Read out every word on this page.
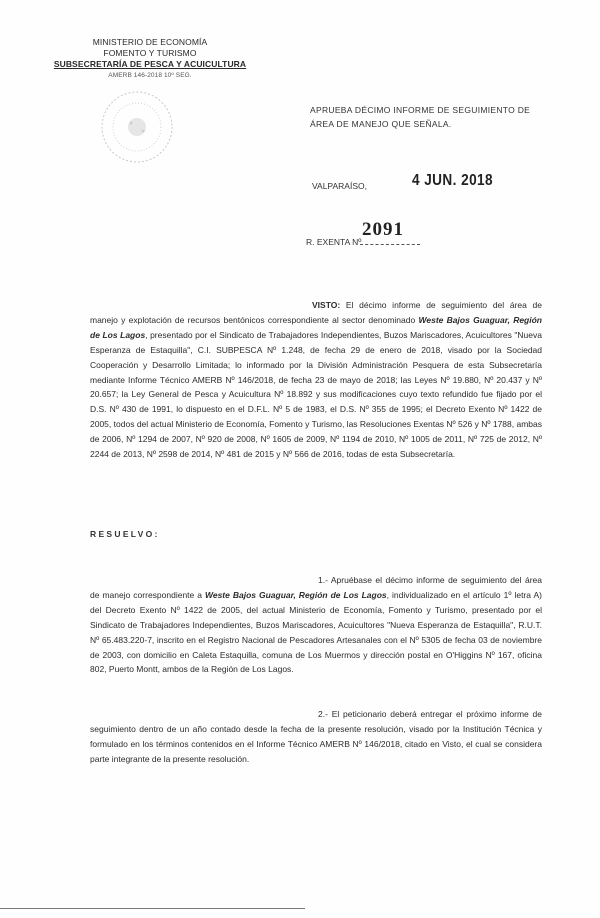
MINISTERIO DE ECONOMÍA
FOMENTO Y TURISMO
SUBSECRETARÍA DE PESCA Y ACUICULTURA
AMERB 146-2018 10º SEG.
APRUEBA DÉCIMO INFORME DE SEGUIMIENTO DE
ÁREA DE MANEJO QUE SEÑALA.
VALPARAÍSO,	4 JUN. 2018
R. EXENTA Nº
2091

VISTO: El décimo informe de seguimiento del área de manejo y explotación de recursos bentónicos correspondiente al sector denominado Weste Bajos Guaguar, Región de Los Lagos, presentado por el Sindicato de Trabajadores Independientes, Buzos Mariscadores, Acuicultores "Nueva Esperanza de Estaquilla", C.I. SUBPESCA Nº 1.248, de fecha 29 de enero de 2018, visado por la Sociedad Cooperación y Desarrollo Limitada; lo informado por la División Administración Pesquera de esta Subsecretaría mediante Informe Técnico AMERB Nº 146/2018, de fecha 23 de mayo de 2018; las Leyes Nº 19.880, Nº 20.437 y Nº 20.657; la Ley General de Pesca y Acuicultura Nº 18.892 y sus modificaciones cuyo texto refundido fue fijado por el D.S. Nº 430 de 1991, lo dispuesto en el D.F.L. Nº 5 de 1983, el D.S. Nº 355 de 1995; el Decreto Exento Nº 1422 de 2005, todos del actual Ministerio de Economía, Fomento y Turismo, las Resoluciones Exentas Nº 526 y Nº 1788, ambas de 2006, Nº 1294 de 2007, Nº 920 de 2008, Nº 1605 de 2009, Nº 1194 de 2010, Nº 1005 de 2011, Nº 725 de 2012, Nº 2244 de 2013, Nº 2598 de 2014, Nº 481 de 2015 y Nº 566 de 2016, todas de esta Subsecretaría.

RESUELVO:

1.- Apruébase el décimo informe de seguimiento del área de manejo correspondiente a Weste Bajos Guaguar, Región de Los Lagos, individualizado en el artículo 1º letra A) del Decreto Exento Nº 1422 de 2005, del actual Ministerio de Economía, Fomento y Turismo, presentado por el Sindicato de Trabajadores Independientes, Buzos Mariscadores, Acuicultores "Nueva Esperanza de Estaquilla", R.U.T. Nº 65.483.220-7, inscrito en el Registro Nacional de Pescadores Artesanales con el Nº 5305 de fecha 03 de noviembre de 2003, con domicilio en Caleta Estaquilla, comuna de Los Muermos y dirección postal en O'Higgins Nº 167, oficina 802, Puerto Montt, ambos de la Región de Los Lagos.

2.- El peticionario deberá entregar el próximo informe de seguimiento dentro de un año contado desde la fecha de la presente resolución, visado por la Institución Técnica y formulado en los términos contenidos en el Informe Técnico AMERB Nº 146/2018, citado en Visto, el cual se considera parte integrante de la presente resolución.
